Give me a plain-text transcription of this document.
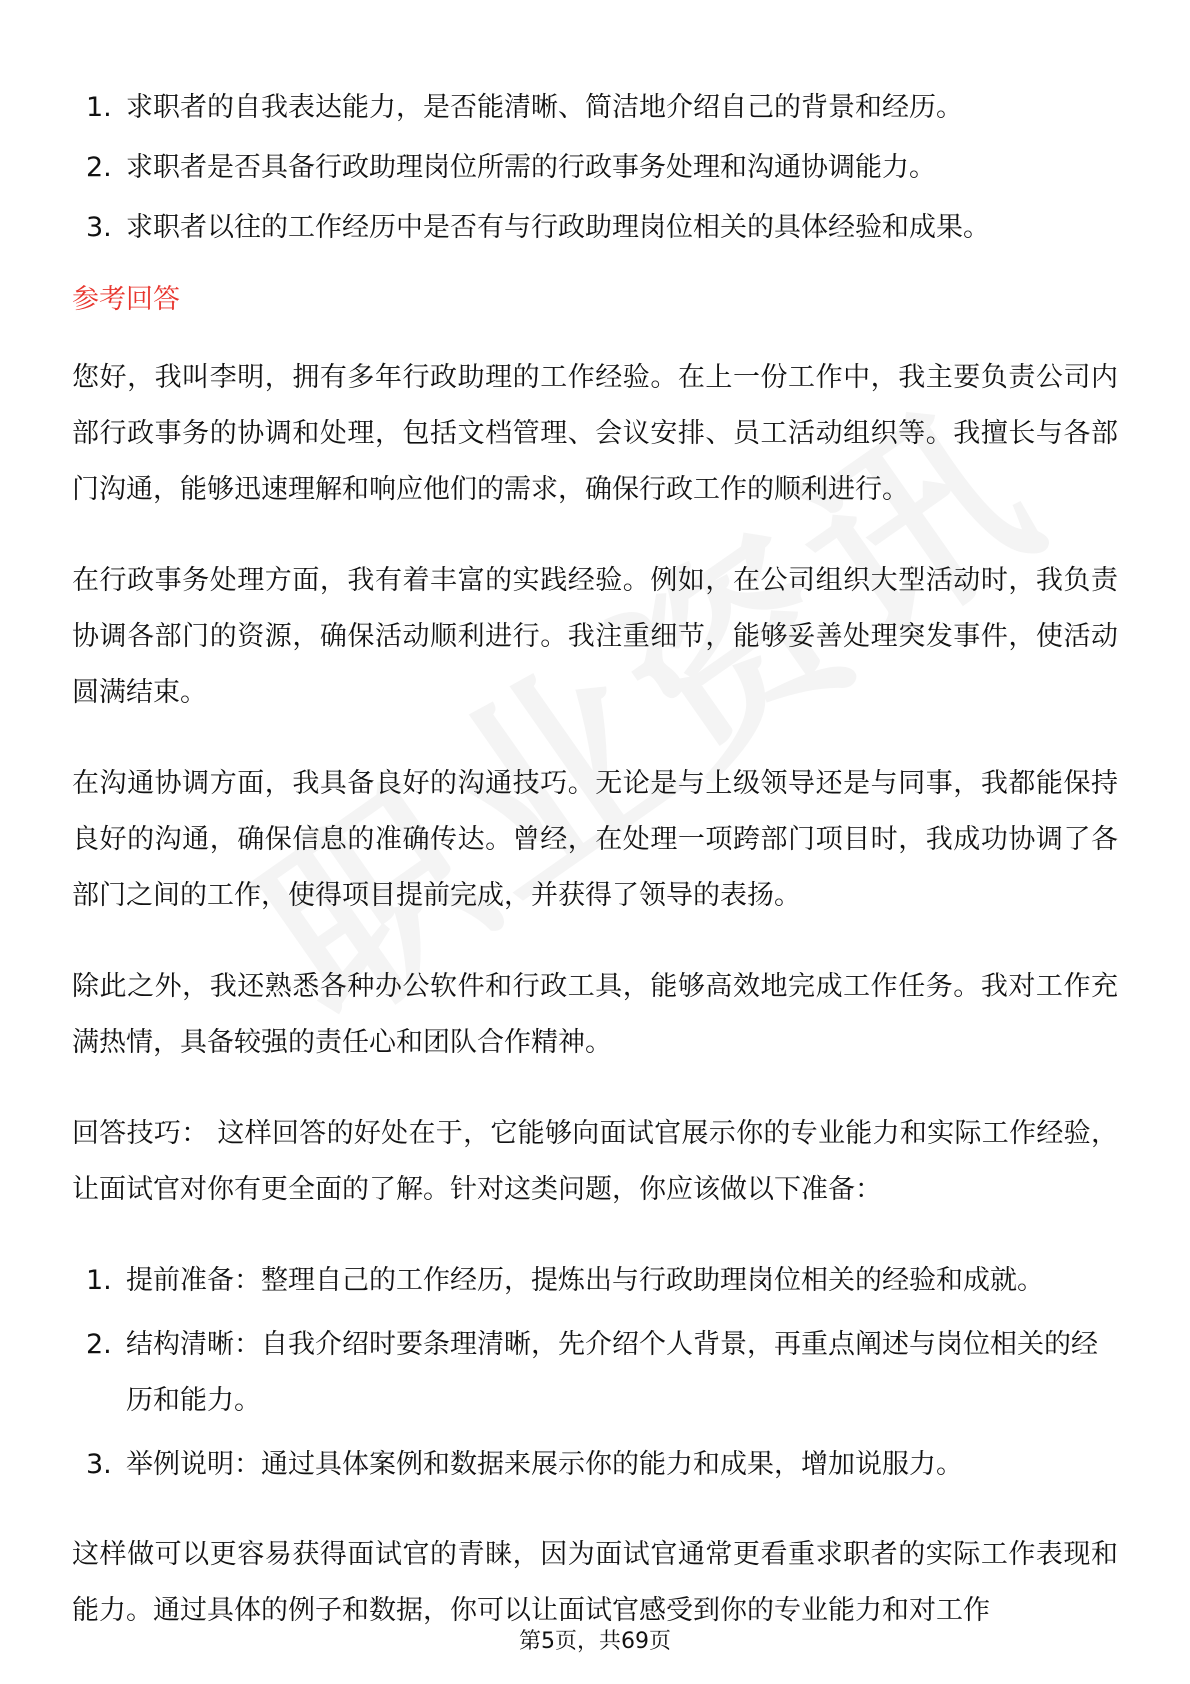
1. 求职者的自我表达能力，是否能清晰、简洁地介绍自己的背景和经历。
2. 求职者是否具备行政助理岗位所需的行政事务处理和沟通协调能力。
3. 求职者以往的工作经历中是否有与行政助理岗位相关的具体经验和成果。
参考回答

您好，我叫李明，拥有多年行政助理的工作经验。在上一份工作中，我主要负责公司内部行政事务的协调和处理，包括文档管理、会议安排、员工活动组织等。我擅长与各部门沟通，能够迅速理解和响应他们的需求，确保行政工作的顺利进行。

在行政事务处理方面，我有着丰富的实践经验。例如，在公司组织大型活动时，我负责协调各部门的资源，确保活动顺利进行。我注重细节，能够妥善处理突发事件，使活动圆满结束。

在沟通协调方面，我具备良好的沟通技巧。无论是与上级领导还是与同事，我都能保持良好的沟通，确保信息的准确传达。曾经，在处理一项跨部门项目时，我成功协调了各部门之间的工作，使得项目提前完成，并获得了领导的表扬。

除此之外，我还熟悉各种办公软件和行政工具，能够高效地完成工作任务。我对工作充满热情，具备较强的责任心和团队合作精神。

回答技巧： 这样回答的好处在于，它能够向面试官展示你的专业能力和实际工作经验，让面试官对你有更全面的了解。针对这类问题，你应该做以下准备：

1. 提前准备：整理自己的工作经历，提炼出与行政助理岗位相关的经验和成就。
2. 结构清晰：自我介绍时要条理清晰，先介绍个人背景，再重点阐述与岗位相关的经历和能力。
3. 举例说明：通过具体案例和数据来展示你的能力和成果，增加说服力。

这样做可以更容易获得面试官的青睐，因为面试官通常更看重求职者的实际工作表现和能力。通过具体的例子和数据，你可以让面试官感受到你的专业能力和对工作

第5页，共69页
